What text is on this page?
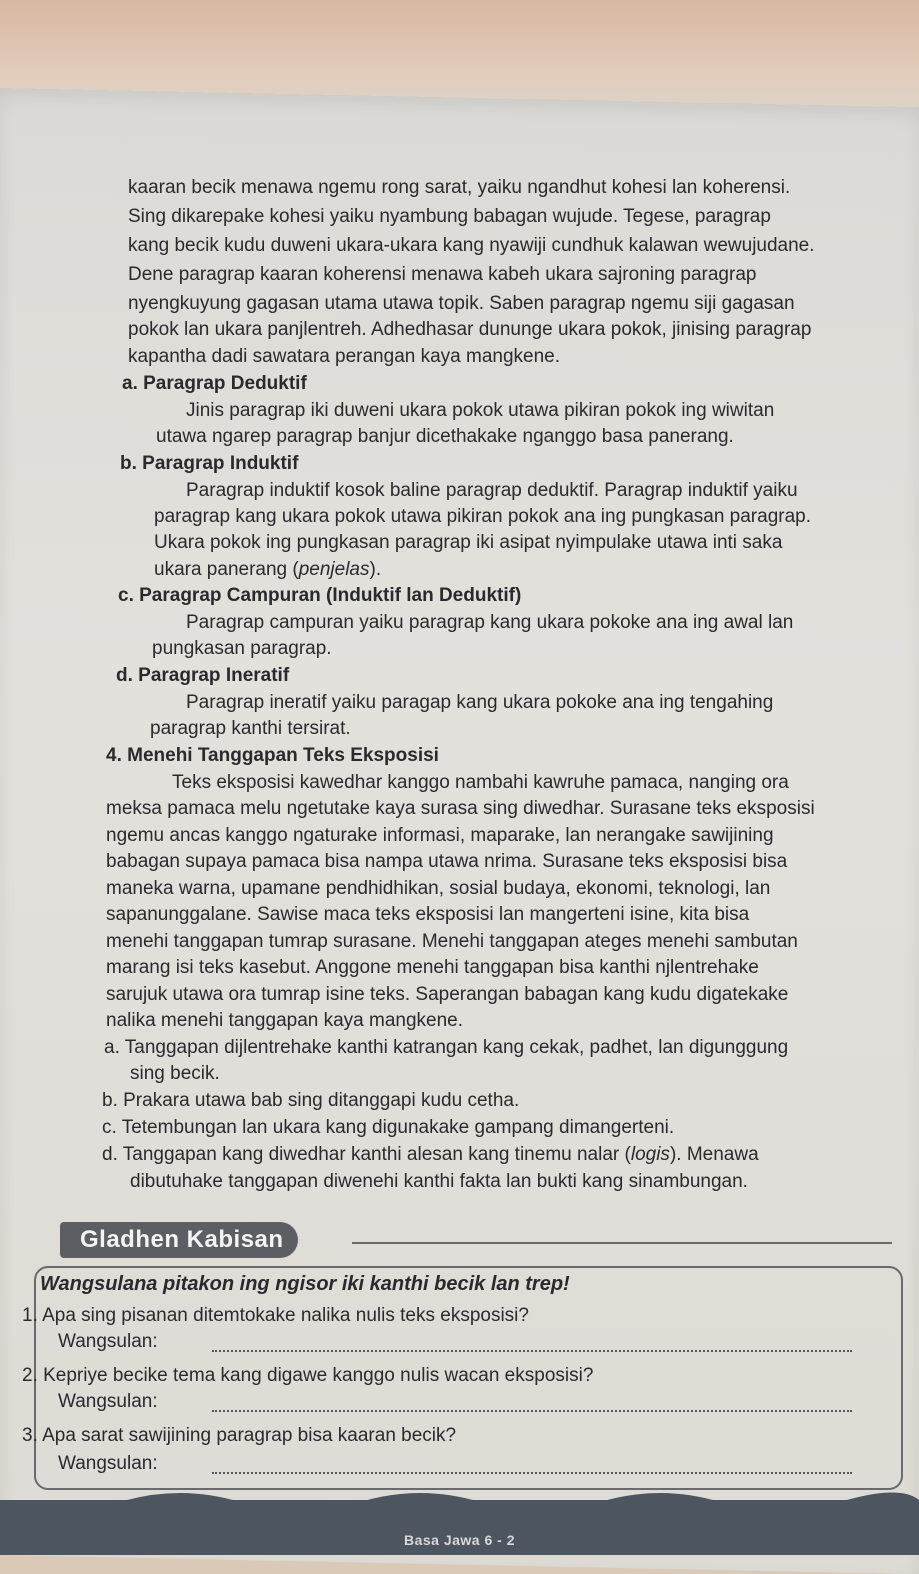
kaaran becik menawa ngemu rong sarat, yaiku ngandhut kohesi lan koherensi.

Sing dikarepake kohesi yaiku nyambung babagan wujude. Tegese, paragrap

kang becik kudu duweni ukara-ukara kang nyawiji cundhuk kalawan wewujudane.

Dene paragrap kaaran koherensi menawa kabeh ukara sajroning paragrap

nyengkuyung gagasan utama utawa topik. Saben paragrap ngemu siji gagasan

pokok lan ukara panjlentreh. Adhedhasar dununge ukara pokok, jinising paragrap

kapantha dadi sawatara perangan kaya mangkene.

a. Paragrap Deduktif

Jinis paragrap iki duweni ukara pokok utawa pikiran pokok ing wiwitan

utawa ngarep paragrap banjur dicethakake nganggo basa panerang.

b. Paragrap Induktif

Paragrap induktif kosok baline paragrap deduktif. Paragrap induktif yaiku

paragrap kang ukara pokok utawa pikiran pokok ana ing pungkasan paragrap.

Ukara pokok ing pungkasan paragrap iki asipat nyimpulake utawa inti saka

ukara panerang (penjelas).

c. Paragrap Campuran (Induktif lan Deduktif)

Paragrap campuran yaiku paragrap kang ukara pokoke ana ing awal lan

pungkasan paragrap.

d. Paragrap Ineratif

Paragrap ineratif yaiku paragap kang ukara pokoke ana ing tengahing

paragrap kanthi tersirat.

4. Menehi Tanggapan Teks Eksposisi

Teks eksposisi kawedhar kanggo nambahi kawruhe pamaca, nanging ora

meksa pamaca melu ngetutake kaya surasa sing diwedhar. Surasane teks eksposisi

ngemu ancas kanggo ngaturake informasi, maparake, lan nerangake sawijining

babagan supaya pamaca bisa nampa utawa nrima. Surasane teks eksposisi bisa

maneka warna, upamane pendhidhikan, sosial budaya, ekonomi, teknologi, lan

sapanunggalane. Sawise maca teks eksposisi lan mangerteni isine, kita bisa

menehi tanggapan tumrap surasane. Menehi tanggapan ateges menehi sambutan

marang isi teks kasebut. Anggone menehi tanggapan bisa kanthi njlentrehake

sarujuk utawa ora tumrap isine teks. Saperangan babagan kang kudu digatekake

nalika menehi tanggapan kaya mangkene.

a. Tanggapan dijlentrehake kanthi katrangan kang cekak, padhet, lan digunggung

sing becik.

b. Prakara utawa bab sing ditanggapi kudu cetha.

c. Tetembungan lan ukara kang digunakake gampang dimangerteni.

d. Tanggapan kang diwedhar kanthi alesan kang tinemu nalar (logis). Menawa

dibutuhake tanggapan diwenehi kanthi fakta lan bukti kang sinambungan.

Gladhen Kabisan

Wangsulana pitakon ing ngisor iki kanthi becik lan trep!

1. Apa sing pisanan ditemtokake nalika nulis teks eksposisi?

Wangsulan:

2. Kepriye becike tema kang digawe kanggo nulis wacan eksposisi?

Wangsulan:

3. Apa sarat sawijining paragrap bisa kaaran becik?

Wangsulan:

Basa Jawa 6 - 2
